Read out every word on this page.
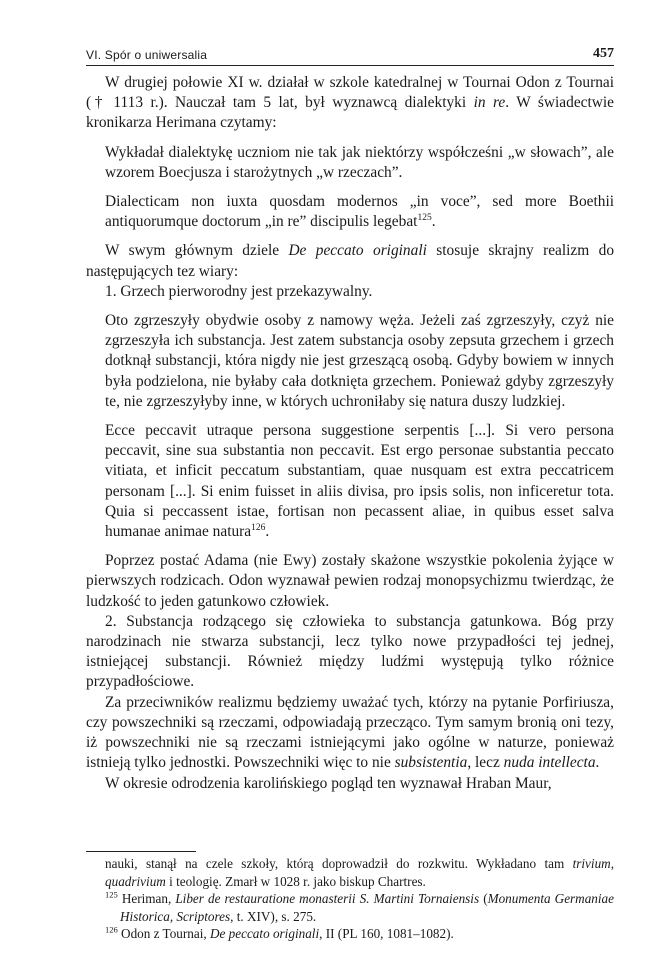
VI. Spór o uniwersalia	457

W drugiej połowie XI w. działał w szkole katedralnej w Tournai Odon z Tournai († 1113 r.). Nauczał tam 5 lat, był wyznawcą dialektyki in re. W świadectwie kronikarza Herimana czytamy:

Wykładał dialektykę uczniom nie tak jak niektórzy współcześni „w słowach”, ale wzorem Boecjusza i starożytnych „w rzeczach”.

Dialecticam non iuxta quosdam modernos „in voce”, sed more Boethii antiquorumque doctorum „in re” discipulis legebat$^{125}$.

W swym głównym dziele De peccato originali stosuje skrajny realizm do następujących tez wiary:

1. Grzech pierworodny jest przekazywalny.

Oto zgrzeszyły obydwie osoby z namowy węża. Jeżeli zaś zgrzeszyły, czyż nie zgrzeszyła ich substancja. Jest zatem substancja osoby zepsuta grzechem i grzech dotknął substancji, która nigdy nie jest grzeszącą osobą. Gdyby bowiem w innych była podzielona, nie byłaby cała dotknięta grzechem. Ponieważ gdyby zgrzeszyły te, nie zgrzeszyłyby inne, w których uchroniłaby się natura duszy ludzkiej.

Ecce peccavit utraque persona suggestione serpentis [...]. Si vero persona peccavit, sine sua substantia non peccavit. Est ergo personae substantia peccato vitiata, et inficit peccatum substantiam, quae nusquam est extra peccatricem personam [...]. Si enim fuisset in aliis divisa, pro ipsis solis, non inficeretur tota. Quia si peccassent istae, fortisan non pecassent aliae, in quibus esset salva humanae animae natura$^{126}$.

Poprzez postać Adama (nie Ewy) zostały skażone wszystkie pokolenia żyjące w pierwszych rodzicach. Odon wyznawał pewien rodzaj monopsychizmu twierdząc, że ludzkość to jeden gatunkowo człowiek.

2. Substancja rodzącego się człowieka to substancja gatunkowa. Bóg przy narodzinach nie stwarza substancji, lecz tylko nowe przypadłości tej jednej, istniejącej substancji. Również między ludźmi występują tylko różnice przypadłościowe.

Za przeciwników realizmu będziemy uważać tych, którzy na pytanie Porfiriusza, czy powszechniki są rzeczami, odpowiadają przecząco. Tym samym bronią oni tezy, iż powszechniki nie są rzeczami istniejącymi jako ogólne w naturze, ponieważ istnieją tylko jednostki. Powszechniki więc to nie subsistentia, lecz nuda intellecta.

W okresie odrodzenia karolińskiego pogląd ten wyznawał Hraban Maur,

nauki, stanął na czele szkoły, którą doprowadził do rozkwitu. Wykładano tam trivium, quadrivium i teologię. Zmarł w 1028 r. jako biskup Chartres.

$^{125}$ Heriman, Liber de restauratione monasterii S. Martini Tornaiensis (Monumenta Germaniae Historica, Scriptores, t. XIV), s. 275.

$^{126}$ Odon z Tournai, De peccato originali, II (PL 160, 1081–1082).
